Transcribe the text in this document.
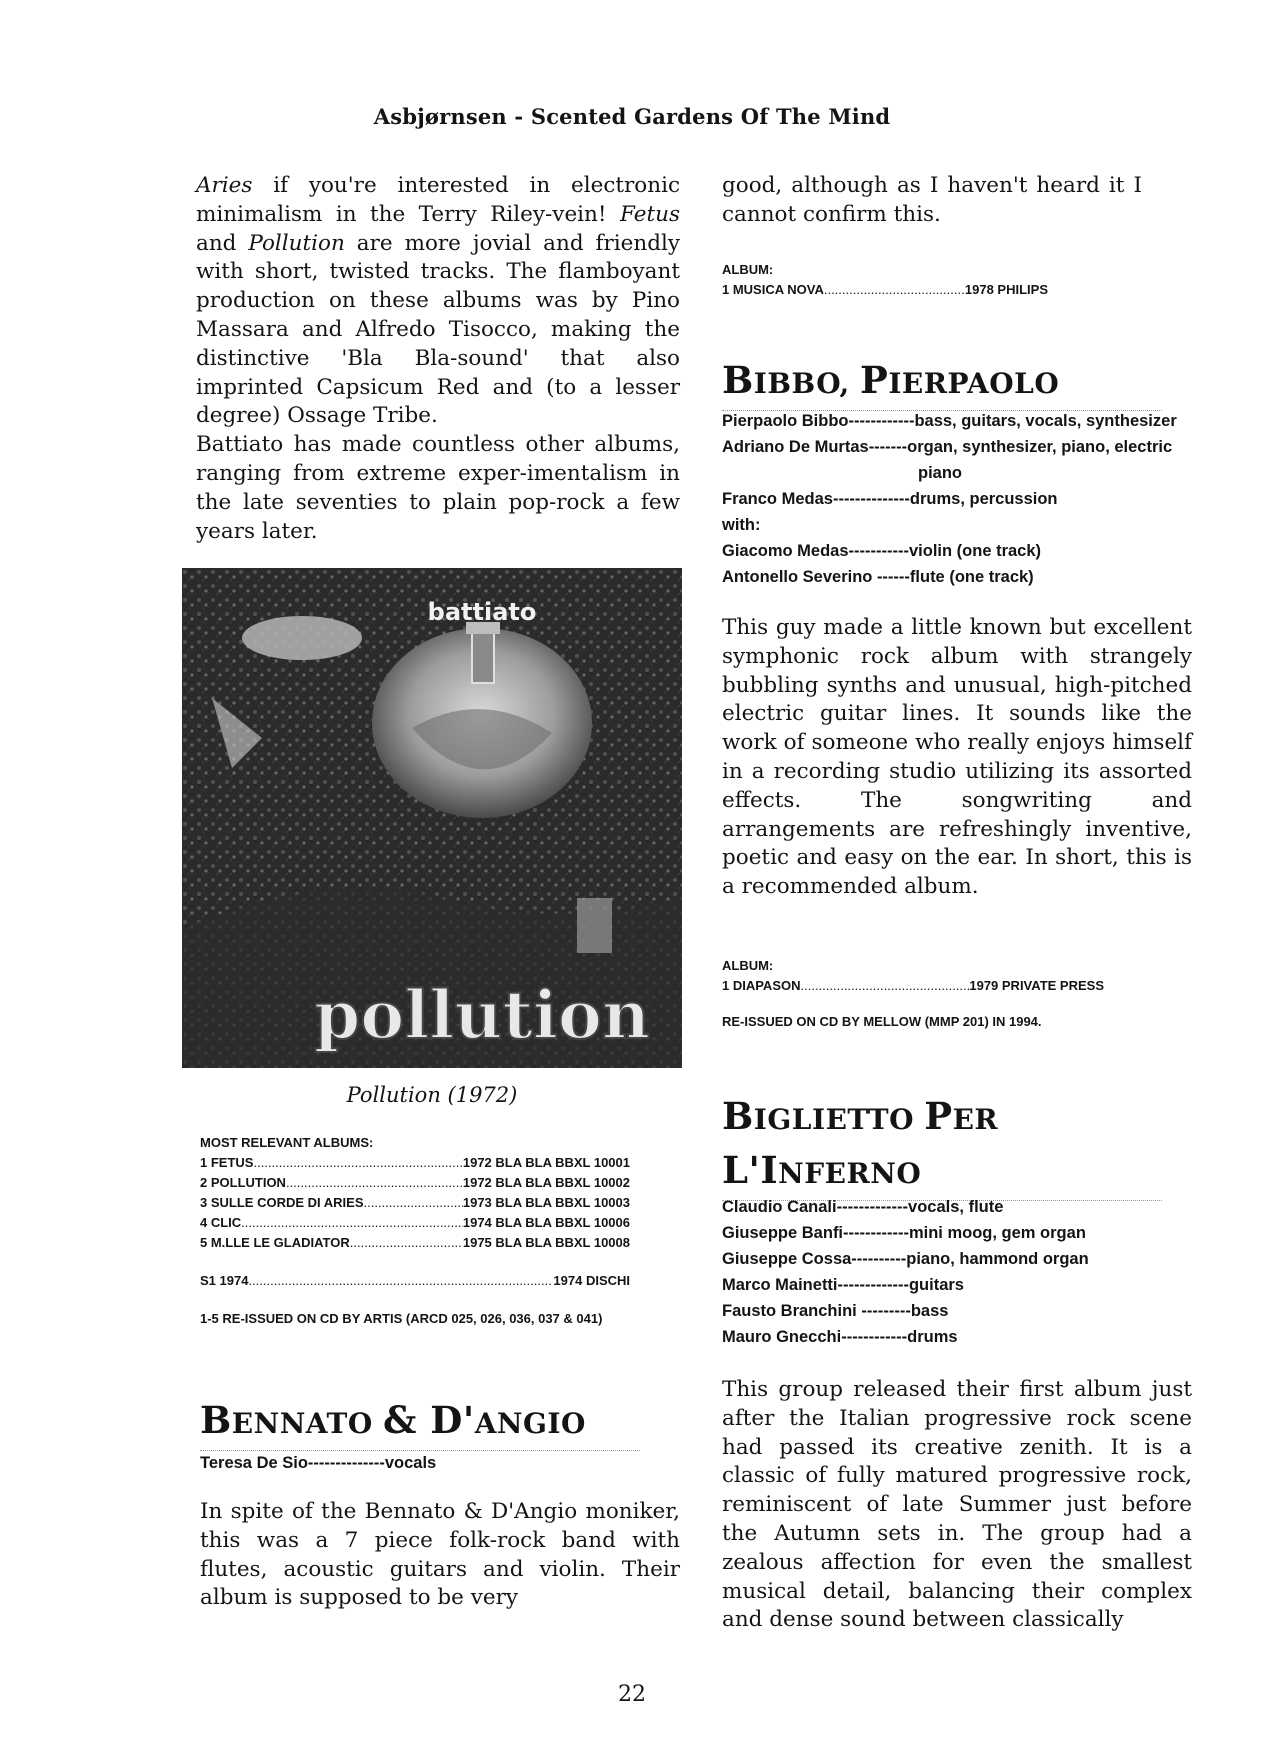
Asbjørnsen - Scented Gardens Of The Mind

Aries if you're interested in electronic minimalism in the Terry Riley-vein! Fetus and Pollution are more jovial and friendly with short, twisted tracks. The flamboyant production on these albums was by Pino Massara and Alfredo Tisocco, making the distinctive 'Bla Bla-sound' that also imprinted Capsicum Red and (to a lesser degree) Ossage Tribe.

Battiato has made countless other albums, ranging from extreme exper-imentalism in the late seventies to plain pop-rock a few years later.

battiato
pollution
Pollution (1972)
MOST RELEVANT ALBUMS:
1 FETUS .....	1972 BLA BLA BBXL 10001
2 POLLUTION .....	1972 BLA BLA BBXL 10002
3 SULLE CORDE DI ARIES .....	1973 BLA BLA BBXL 10003
4 CLIC .....	1974 BLA BLA BBXL 10006
5 M.LLE LE GLADIATOR .....	1975 BLA BLA BBXL 10008
S1 1974 .....	1974 DISCHI
1-5 RE-ISSUED ON CD BY ARTIS (ARCD 025, 026, 036, 037 & 041)
BENNATO & D'ANGIO
Teresa De Sio--------------vocals
In spite of the Bennato & D'Angio moniker, this was a 7 piece folk-rock band with flutes, acoustic guitars and violin. Their album is supposed to be very
good, although as I haven't heard it I cannot confirm this.
ALBUM:
1 MUSICA NOVA .....	1978 PHILIPS
BIBBO, PIERPAOLO
Pierpaolo Bibbo------------bass, guitars, vocals, synthesizer
Adriano De Murtas-------organ, synthesizer, piano, electric
piano
Franco Medas--------------drums, percussion
with:
Giacomo Medas-----------violin (one track)
Antonello Severino ------flute (one track)
This guy made a little known but excellent symphonic rock album with strangely bubbling synths and unusual, high-pitched electric guitar lines. It sounds like the work of someone who really enjoys himself in a recording studio utilizing its assorted effects. The songwriting and arrangements are refreshingly inventive, poetic and easy on the ear. In short, this is a recommended album.
ALBUM:
1 DIAPASON .....	1979 PRIVATE PRESS
RE-ISSUED ON CD BY MELLOW (MMP 201) IN 1994.
BIGLIETTO PER
L'INFERNO
Claudio Canali-------------vocals, flute
Giuseppe Banfi------------mini moog, gem organ
Giuseppe Cossa----------piano, hammond organ
Marco Mainetti-------------guitars
Fausto Branchini ---------bass
Mauro Gnecchi------------drums
This group released their first album just after the Italian progressive rock scene had passed its creative zenith. It is a classic of fully matured progressive rock, reminiscent of late Summer just before the Autumn sets in. The group had a zealous affection for even the smallest musical detail, balancing their complex and dense sound between classically
22
